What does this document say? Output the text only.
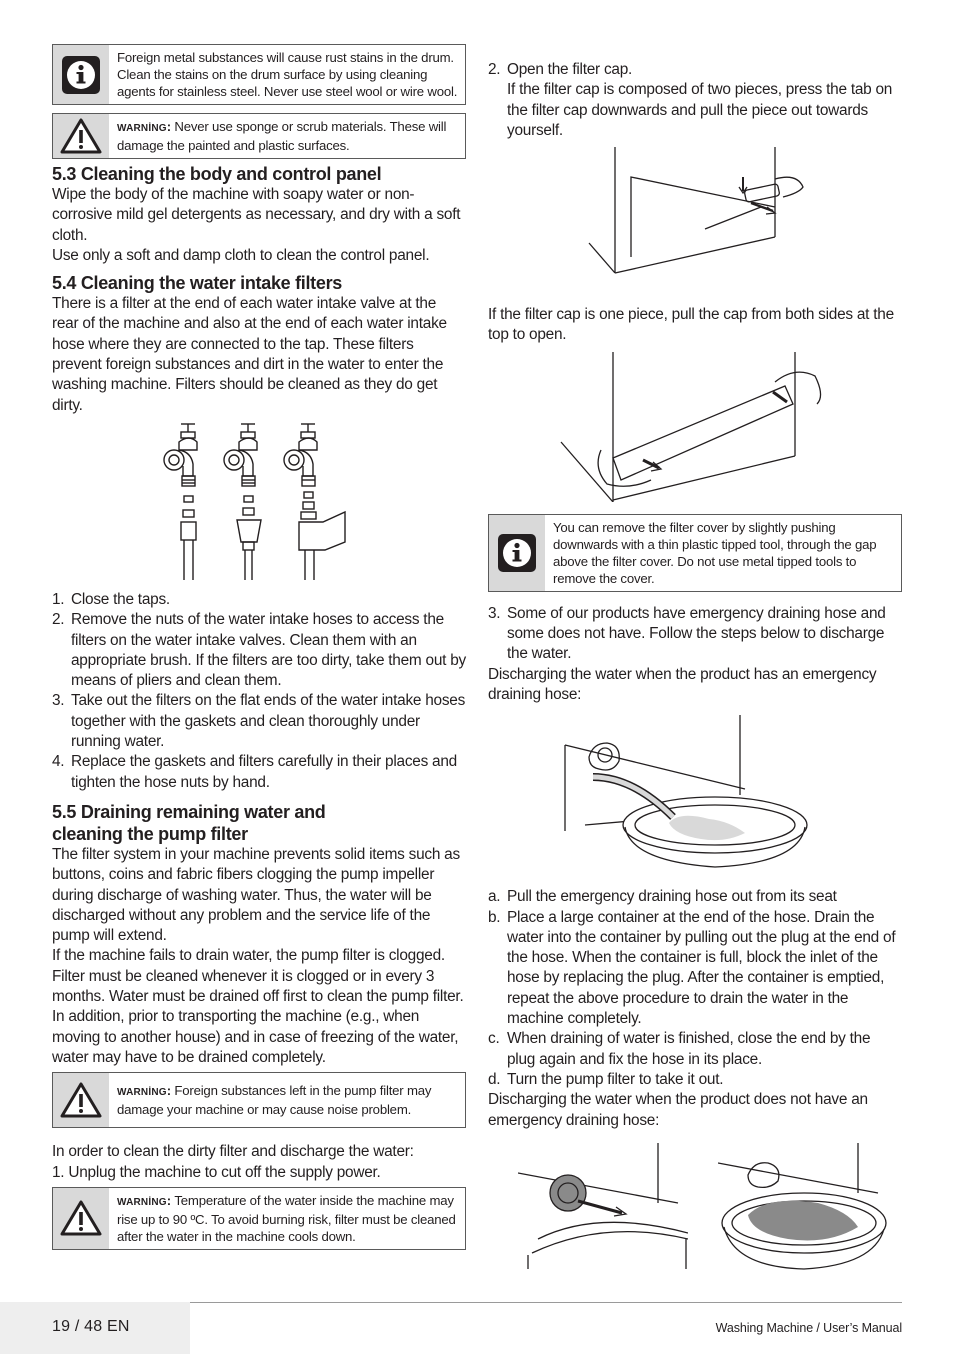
Foreign metal substances will cause rust stains in the drum. Clean the stains on the drum surface by using cleaning agents for stainless steel. Never use steel wool or wire wool.
WARNİNG: Never use sponge or scrub materials. These will damage the painted and plastic surfaces.
5.3 Cleaning the body and control panel

Wipe the body of the machine with soapy water or non-corrosive mild gel detergents as necessary, and dry with a soft cloth.

Use only a soft and damp cloth to clean the control panel.

5.4 Cleaning the water intake filters

There is a filter at the end of each water intake valve at the rear of the machine and also at the end of each water intake hose where they are connected to the tap. These filters prevent foreign substances and dirt in the water to enter the washing machine. Filters should be cleaned as they do get dirty.

1. Close the taps.
2. Remove the nuts of the water intake hoses to access the filters on the water intake valves. Clean them with an appropriate brush. If the filters are too dirty, take them out by means of pliers and clean them.
3. Take out the filters on the flat ends of the water intake hoses together with the gaskets and clean thoroughly under running water.
4. Replace the gaskets and filters carefully in their places and tighten the hose nuts by hand.
5.5 Draining remaining water and
cleaning the pump filter

The filter system in your machine prevents solid items such as buttons, coins and fabric fibers clogging the pump impeller during discharge of washing water. Thus, the water will be discharged without any problem and the service life of the pump will extend.

If the machine fails to drain water, the pump filter is clogged. Filter must be cleaned whenever it is clogged or in every 3 months. Water must be drained off first to clean the pump filter.

In addition, prior to transporting the machine (e.g., when moving to another house) and in case of freezing of the water, water may have to be drained completely.

WARNİNG: Foreign substances left in the pump filter may damage your machine or may cause noise problem.

In order to clean the dirty filter and discharge the water:

1. Unplug the machine to cut off the supply power.

WARNİNG: Temperature of the water inside the machine may rise up to 90 ºC. To avoid burning risk, filter must be cleaned after the water in the machine cools down.
2. Open the filter cap.
If the filter cap is composed of two pieces, press the tab on the filter cap downwards and pull the piece out towards yourself.

If the filter cap is one piece, pull the cap from both sides at the top to open.

You can remove the filter cover by slightly pushing downwards with a thin plastic tipped tool, through the gap above the filter cover. Do not use metal tipped tools to remove the cover.
3. Some of our products have emergency draining hose and some does not have. Follow the steps below to discharge the water.

Discharging the water when the product has an emergency draining hose:

a. Pull the emergency draining hose out from its seat
b. Place a large container at the end of the hose. Drain the water into the container by pulling out the plug at the end of the hose. When the container is full, block the inlet of the hose by replacing the plug. After the container is emptied, repeat the above procedure to drain the water in the machine completely.
c. When draining of water is finished, close the end by the plug again and fix the hose in its place.
d. Turn the pump filter to take it out.

Discharging the water when the product does not have an emergency draining hose:

19 / 48 EN	Washing Machine / User’s Manual
